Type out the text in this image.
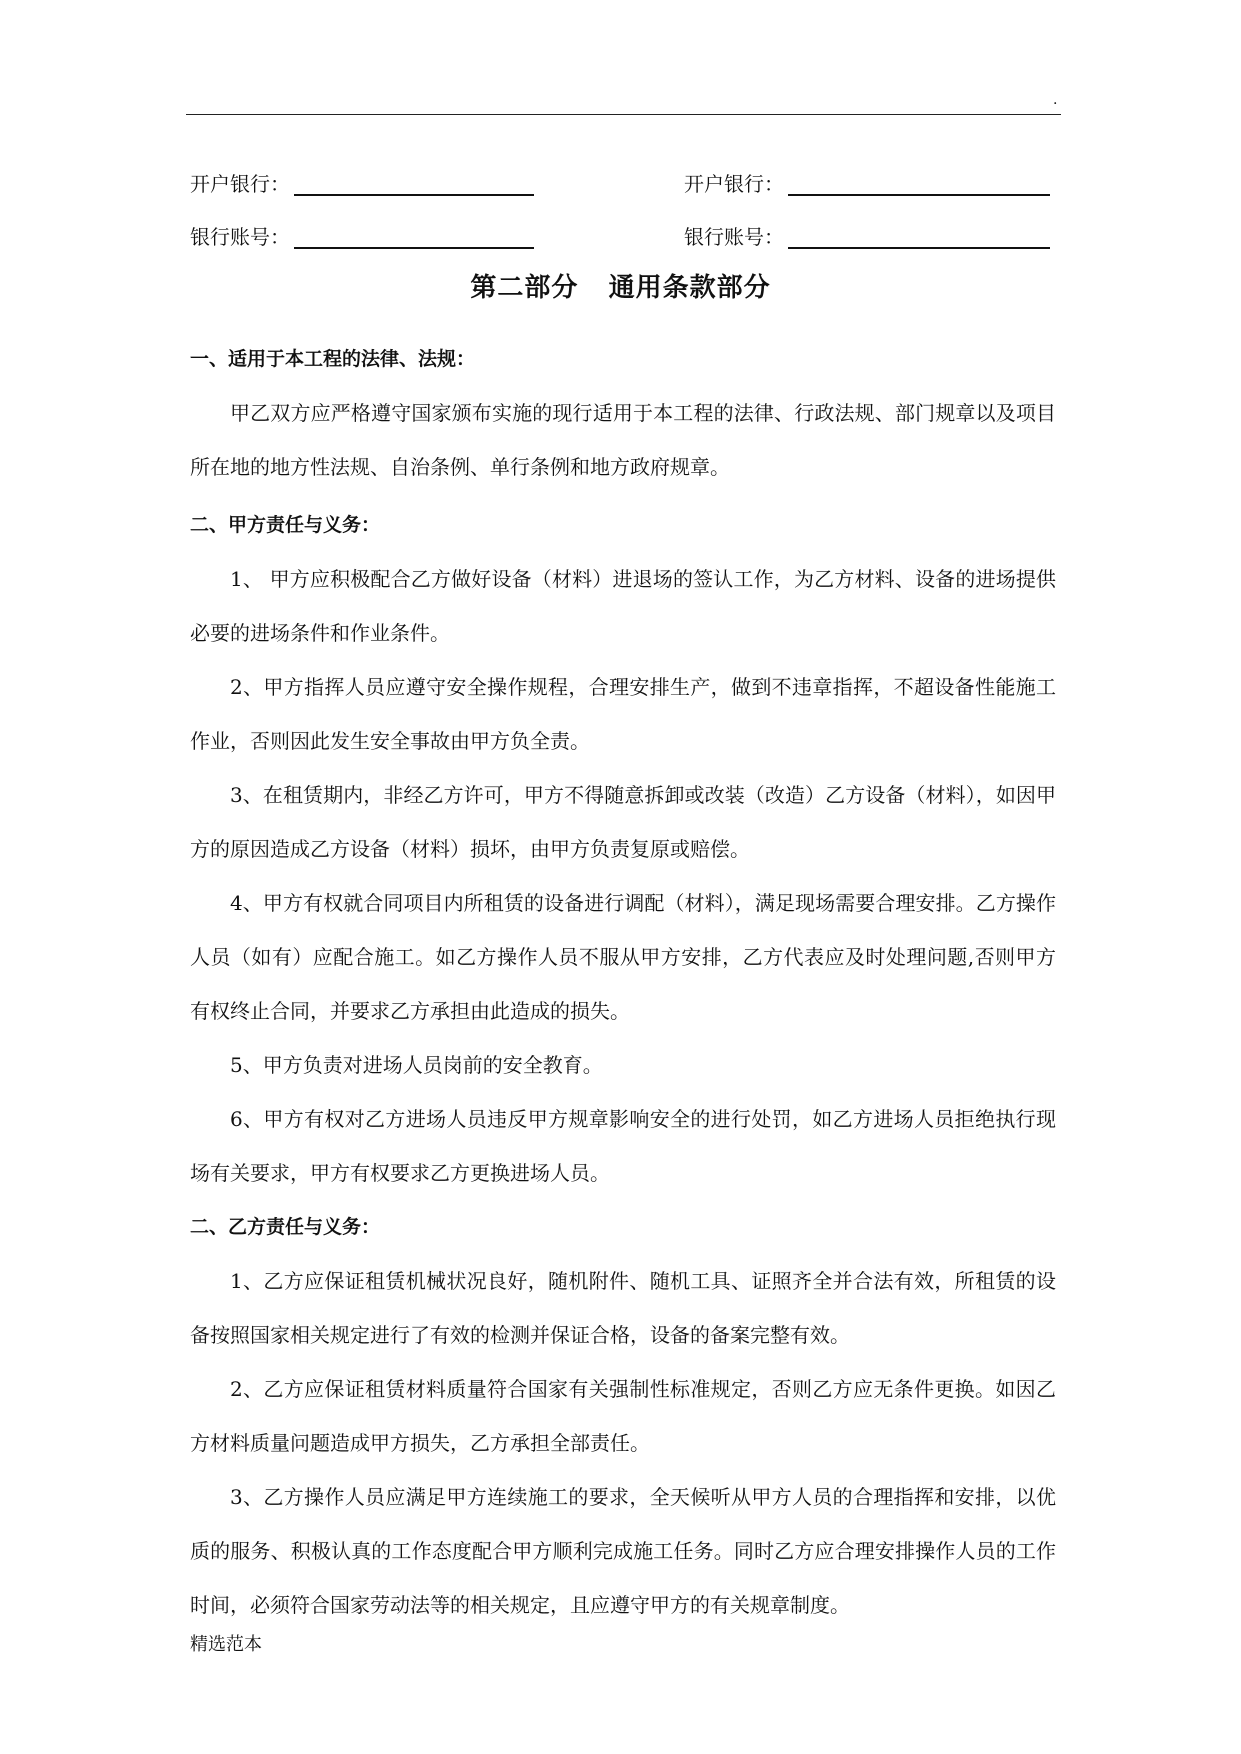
.
开户银行：
银行账号：
开户银行：
银行账号：
第二部分 通用条款部分

一、适用于本工程的法律、法规：

甲乙双方应严格遵守国家颁布实施的现行适用于本工程的法律、行政法规、部门规章以及项目所在地的地方性法规、自治条例、单行条例和地方政府规章。

二、甲方责任与义务：

1、 甲方应积极配合乙方做好设备（材料）进退场的签认工作，为乙方材料、设备的进场提供必要的进场条件和作业条件。

2、甲方指挥人员应遵守安全操作规程，合理安排生产，做到不违章指挥，不超设备性能施工作业，否则因此发生安全事故由甲方负全责。

3、在租赁期内，非经乙方许可，甲方不得随意拆卸或改装（改造）乙方设备（材料），如因甲方的原因造成乙方设备（材料）损坏，由甲方负责复原或赔偿。

4、甲方有权就合同项目内所租赁的设备进行调配（材料），满足现场需要合理安排。乙方操作人员（如有）应配合施工。如乙方操作人员不服从甲方安排，乙方代表应及时处理问题,否则甲方有权终止合同，并要求乙方承担由此造成的损失。

5、甲方负责对进场人员岗前的安全教育。

6、甲方有权对乙方进场人员违反甲方规章影响安全的进行处罚，如乙方进场人员拒绝执行现场有关要求，甲方有权要求乙方更换进场人员。

二、乙方责任与义务：

1、乙方应保证租赁机械状况良好，随机附件、随机工具、证照齐全并合法有效，所租赁的设备按照国家相关规定进行了有效的检测并保证合格，设备的备案完整有效。

2、乙方应保证租赁材料质量符合国家有关强制性标准规定，否则乙方应无条件更换。如因乙方材料质量问题造成甲方损失，乙方承担全部责任。

3、乙方操作人员应满足甲方连续施工的要求，全天候听从甲方人员的合理指挥和安排，以优质的服务、积极认真的工作态度配合甲方顺利完成施工任务。同时乙方应合理安排操作人员的工作时间，必须符合国家劳动法等的相关规定，且应遵守甲方的有关规章制度。

精选范本
